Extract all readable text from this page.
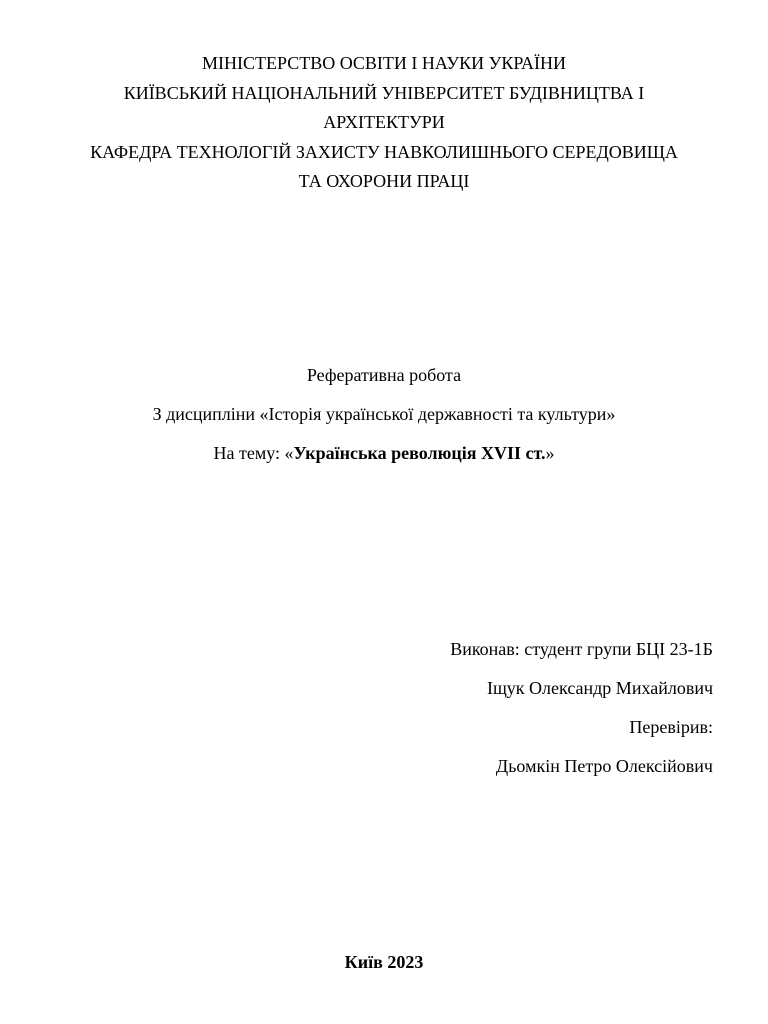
МІНІСТЕРСТВО ОСВІТИ І НАУКИ УКРАЇНИ
КИЇВСЬКИЙ НАЦІОНАЛЬНИЙ УНІВЕРСИТЕТ БУДІВНИЦТВА І
АРХІТЕКТУРИ
КАФЕДРА ТЕХНОЛОГІЙ ЗАХИСТУ НАВКОЛИШНЬОГО СЕРЕДОВИЩА
ТА ОХОРОНИ ПРАЦІ
Реферативна робота
З дисципліни «Історія української державності та культури»
На тему: «Українська революція XVII ст.»
Виконав: студент групи БЦІ 23-1Б
Іщук Олександр Михайлович
Перевірив:
Дьомкін Петро Олексійович
Київ 2023
